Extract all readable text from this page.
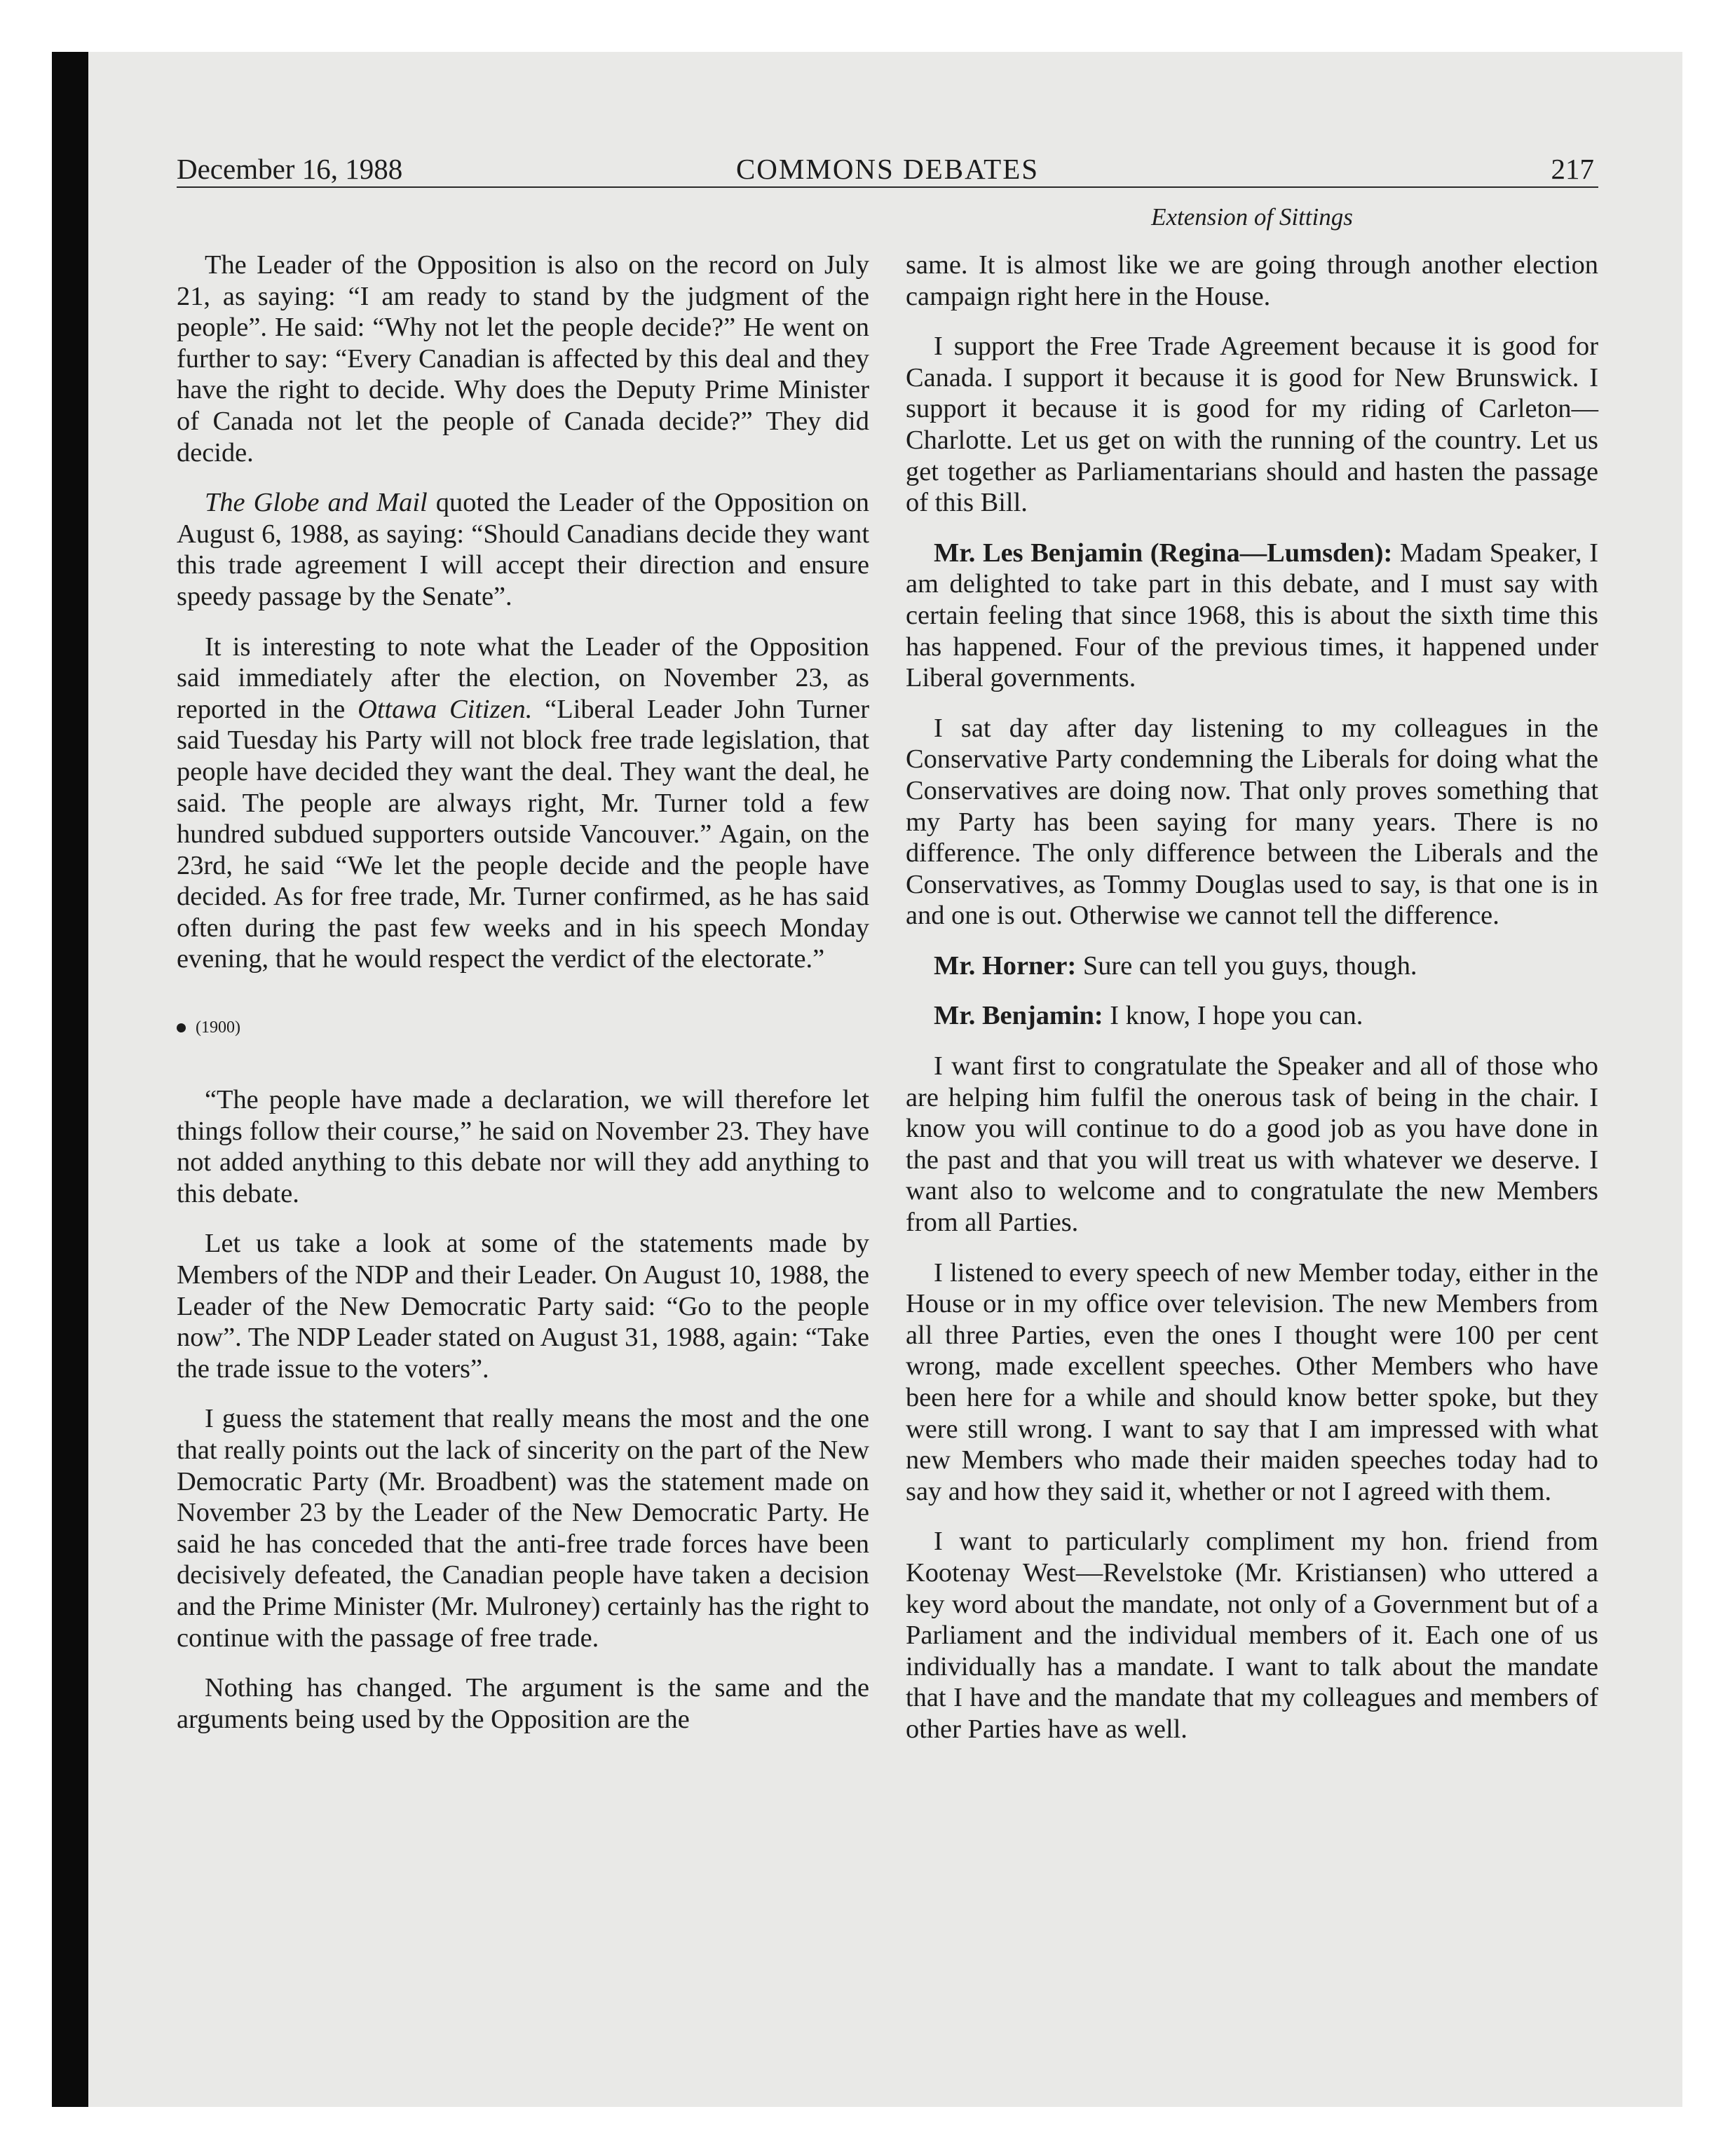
December 16, 1988	COMMONS DEBATES	217
Extension of Sittings

The Leader of the Opposition is also on the record on July 21, as saying: “I am ready to stand by the judgment of the people”. He said: “Why not let the people decide?” He went on further to say: “Every Canadian is affected by this deal and they have the right to decide. Why does the Deputy Prime Minister of Canada not let the people of Canada decide?” They did decide.

The Globe and Mail quoted the Leader of the Opposition on August 6, 1988, as saying: “Should Canadians decide they want this trade agreement I will accept their direction and ensure speedy passage by the Senate”.

It is interesting to note what the Leader of the Opposition said immediately after the election, on November 23, as reported in the Ottawa Citizen. “Liberal Leader John Turner said Tuesday his Party will not block free trade legislation, that people have decided they want the deal. They want the deal, he said. The people are always right, Mr. Turner told a few hundred subdued supporters outside Vancouver.” Again, on the 23rd, he said “We let the people decide and the people have decided. As for free trade, Mr. Turner confirmed, as he has said often during the past few weeks and in his speech Monday evening, that he would respect the verdict of the electorate.”

(1900)

“The people have made a declaration, we will therefore let things follow their course,” he said on November 23. They have not added anything to this debate nor will they add anything to this debate.

Let us take a look at some of the statements made by Members of the NDP and their Leader. On August 10, 1988, the Leader of the New Democratic Party said: “Go to the people now”. The NDP Leader stated on August 31, 1988, again: “Take the trade issue to the voters”.

I guess the statement that really means the most and the one that really points out the lack of sincerity on the part of the New Democratic Party (Mr. Broadbent) was the statement made on November 23 by the Leader of the New Democratic Party. He said he has conceded that the anti-free trade forces have been decisively defeated, the Canadian people have taken a decision and the Prime Minister (Mr. Mulroney) certainly has the right to continue with the passage of free trade.

Nothing has changed. The argument is the same and the arguments being used by the Opposition are the

same. It is almost like we are going through another election campaign right here in the House.

I support the Free Trade Agreement because it is good for Canada. I support it because it is good for New Brunswick. I support it because it is good for my riding of Carleton—Charlotte. Let us get on with the running of the country. Let us get together as Parliamentarians should and hasten the passage of this Bill.

Mr. Les Benjamin (Regina—Lumsden): Madam Speaker, I am delighted to take part in this debate, and I must say with certain feeling that since 1968, this is about the sixth time this has happened. Four of the previous times, it happened under Liberal governments.

I sat day after day listening to my colleagues in the Conservative Party condemning the Liberals for doing what the Conservatives are doing now. That only proves something that my Party has been saying for many years. There is no difference. The only difference between the Liberals and the Conservatives, as Tommy Douglas used to say, is that one is in and one is out. Otherwise we cannot tell the difference.

Mr. Horner: Sure can tell you guys, though.

Mr. Benjamin: I know, I hope you can.

I want first to congratulate the Speaker and all of those who are helping him fulfil the onerous task of being in the chair. I know you will continue to do a good job as you have done in the past and that you will treat us with whatever we deserve. I want also to welcome and to congratulate the new Members from all Parties.

I listened to every speech of new Member today, either in the House or in my office over television. The new Members from all three Parties, even the ones I thought were 100 per cent wrong, made excellent speeches. Other Members who have been here for a while and should know better spoke, but they were still wrong. I want to say that I am impressed with what new Members who made their maiden speeches today had to say and how they said it, whether or not I agreed with them.

I want to particularly compliment my hon. friend from Kootenay West—Revelstoke (Mr. Kristiansen) who uttered a key word about the mandate, not only of a Government but of a Parliament and the individual members of it. Each one of us individually has a mandate. I want to talk about the mandate that I have and the mandate that my colleagues and members of other Parties have as well.
